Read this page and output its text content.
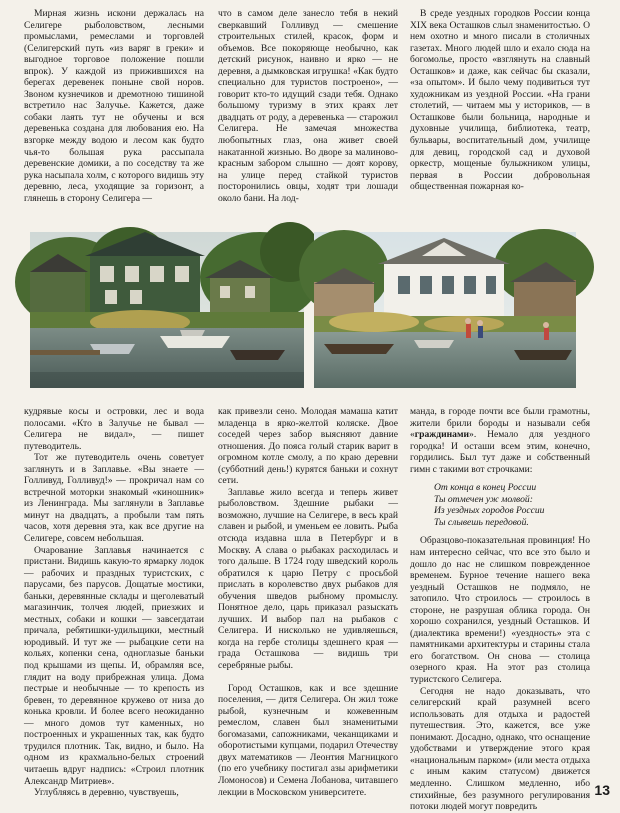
Мирная жизнь искони держалась на Селигере рыболовством, лесными промыслами, ремеслами и торговлей (Селигерский путь «из варяг в греки» и выгодное торговое положение пошли впрок). У каждой из прижившихся на берегах деревенек поныне свой норов. Звоном кузнечиков и дремотною тишиной встретило нас Залучье. Кажется, даже собаки лаять тут не обучены и вся деревенька создана для любования ею. На взгорке между водою и лесом как будто чья-то большая рука рассыпала деревенские домики, а по соседству та же рука насыпала холм, с которого видишь эту деревню, леса, уходящие за горизонт, а глянешь в сторону Селигера —

что в самом деле занесло тебя в некий сверкавший Голливуд — смешение строительных стилей, красок, форм и объемов. Все покоряюще необычно, как детский рисунок, наивно и ярко — не деревня, а дымковская игрушка! «Как будто специально для туристов построено», — говорит кто-то идущий сзади тебя. Однако большому туризму в этих краях лет двадцать от роду, а деревенька — старожил Селигера. Не замечая множества любопытных глаз, она живет своей накатанной жизнью. Во дворе за малиново-красным забором слышно — доят корову, на улице перед стайкой туристов посторонились овцы, ходят три лошади около бани. На лод-

В среде уездных городков России конца XIX века Осташков слыл знаменитостью. О нем охотно и много писали в столичных газетах. Много людей шло и ехало сюда на богомолье, просто «взглянуть на славный Осташков» и даже, как сейчас бы сказали, «за опытом». И было чему подивиться тут художникам из уездной России. «На грани столетий, — читаем мы у историков, — в Осташкове были больница, народные и духовные училища, библиотека, театр, бульвары, воспитательный дом, училище для девиц, городской сад и духовой оркестр, мощеные булыжником улицы, первая в России добровольная общественная пожарная ко-

кудрявые косы и островки, лес и вода полосами. «Кто в Залучье не бывал — Селигера не видал», — пишет путеводитель.

Тот же путеводитель очень советует заглянуть и в Заплавье. «Вы знаете — Голливуд, Голливуд!» — прокричал нам со встречной моторки знакомый «киношник» из Ленинграда. Мы заглянули в Заплавье минут на двадцать, а пробыли там пять часов, хотя деревня эта, как все другие на Селигере, совсем небольшая.

Очарование Заплавья начинается с пристани. Видишь какую-то ярмарку лодок — рабочих и праздных туристских, с парусами, без парусов. Дощатые мостики, баньки, деревянные склады и щеголеватый магазинчик, толчея людей, приезжих и местных, собаки и кошки — завсегдатаи причала, ребятишки-удильщики, местный юродивый. И тут же — рыбацкие сети на кольях, копенки сена, одноглазые баньки под крышами из щепы. И, обрамляя все, глядит на воду прибрежная улица. Дома пестрые и необычные — то крепость из бревен, то деревянное кружево от низа до конька кровли. И более всего неожиданно — много домов тут каменных, но построенных и украшенных так, как будто трудился плотник. Так, видно, и было. На одном из крахмально-белых строений читаешь вдруг надпись: «Строил плотник Александр Митриев».

Углубляясь в деревню, чувствуешь,

как привезли сено. Молодая мамаша катит младенца в ярко-желтой коляске. Двое соседей через забор выясняют давние отношения. До пояса голый старик варит в огромном котле смолу, а по краю деревни (субботний день!) курятся баньки и сохнут сети.

Заплавье жило всегда и теперь живет рыболовством. Здешние рыбаки — возможно, лучшие на Селигере, в весь край славен и рыбой, и уменьем ее ловить. Рыба отсюда издавна шла в Петербург и в Москву. А слава о рыбаках расходилась и того дальше. В 1724 году шведский король обратился к царю Петру с просьбой прислать в королевство двух рыбаков для обучения шведов рыбному промыслу. Понятное дело, царь приказал разыскать лучших. И выбор пал на рыбаков с Селигера. И нисколько не удивляешься, когда на гербе столицы здешнего края — града Осташкова — видишь три серебряные рыбы.

Город Осташков, как и все здешние поселения, — дитя Селигера. Он жил тоже рыбой, кузнечным и кожевенным ремеслом, славен был знаменитыми богомазами, сапожниками, чеканщиками и оборотистыми купцами, подарил Отечеству двух математиков — Леонтия Магницкого (по его учебнику постигал азы арифметики Ломоносов) и Семена Лобанова, читавшего лекции в Московском университете.

манда, в городе почти все были грамотны, жители брили бороды и называли себя «граждинами». Немало для уездного городка! И осташи всем этим, конечно, гордились. Был тут даже и собственный гимн с такими вот строчками:

От конца в конец России
Ты отмечен уж молвой:
Из уездных городов России
Ты слывешь передовой.

Образцово-показательная провинция! Но нам интересно сейчас, что все это было и дошло до нас не слишком поврежденное временем. Бурное течение нашего века уездный Осташков не подмяло, не затопило. Что строилось — строилось в стороне, не разрушая облика города. Он хорошо сохранился, уездный Осташков. И (диалектика времени!) «уездность» эта с памятниками архитектуры и старины стала его богатством. Он снова — столица озерного края. На этот раз столица туристского Селигера.

Сегодня не надо доказывать, что селигерский край разумней всего использовать для отдыха и радостей путешествия. Это, кажется, все уже понимают. Досадно, однако, что оснащение удобствами и утверждение этого края «национальным парком» (или места отдыха с иным каким статусом) движется медленно. Слишком медленно, ибо стихийные, без разумного регулирования потоки людей могут повредить

13
